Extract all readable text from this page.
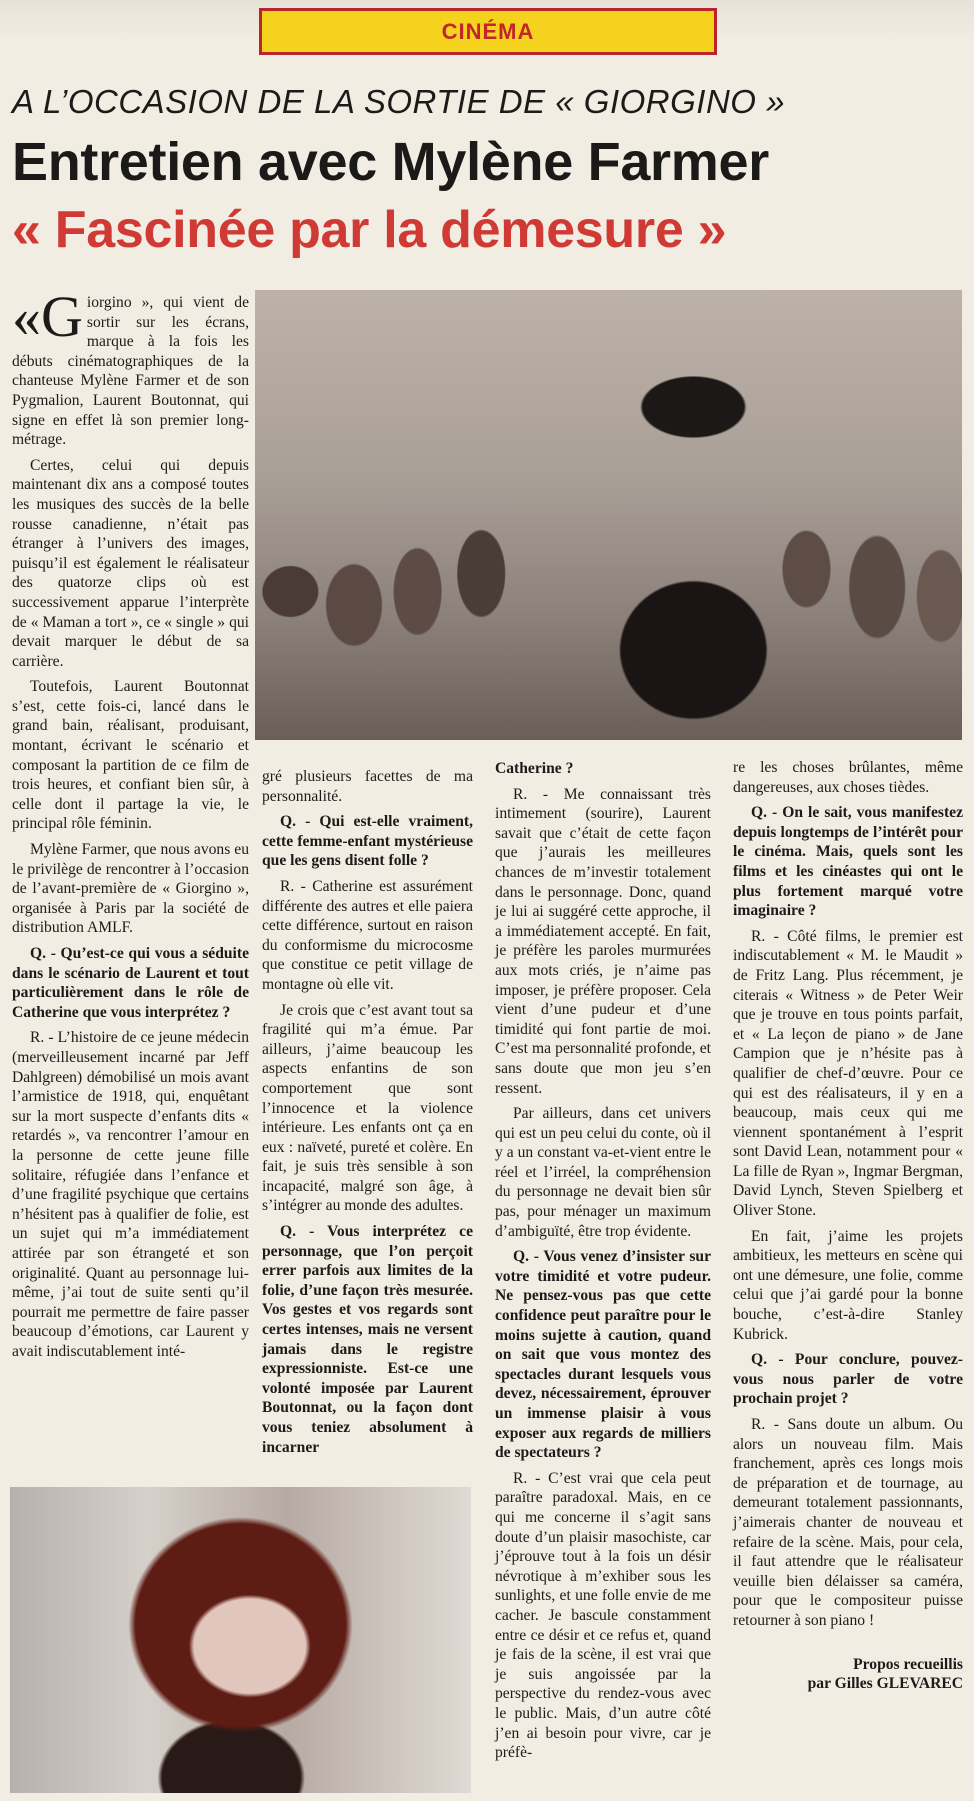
CINÉMA
A L’OCCASION DE LA SORTIE DE « GIORGINO »
Entretien avec Mylène Farmer
« Fascinée par la démesure »

«G iorgino », qui vient de sortir sur les écrans, marque à la fois les débuts cinématographiques de la chanteuse Mylène Farmer et de son Pygmalion, Laurent Boutonnat, qui signe en effet là son premier long-métrage.

Certes, celui qui depuis maintenant dix ans a composé toutes les musiques des succès de la belle rousse canadienne, n’était pas étranger à l’univers des images, puisqu’il est également le réalisateur des quatorze clips où est successivement apparue l’interprète de « Maman a tort », ce « single » qui devait marquer le début de sa carrière.

Toutefois, Laurent Boutonnat s’est, cette fois-ci, lancé dans le grand bain, réalisant, produisant, montant, écrivant le scénario et composant la partition de ce film de trois heures, et confiant bien sûr, à celle dont il partage la vie, le principal rôle féminin.

Mylène Farmer, que nous avons eu le privilège de rencontrer à l’occasion de l’avant-première de « Giorgino », organisée à Paris par la société de distribution AMLF.

Q. - Qu’est-ce qui vous a séduite dans le scénario de Laurent et tout particulièrement dans le rôle de Catherine que vous interprétez ?

R. - L’histoire de ce jeune médecin (merveilleusement incarné par Jeff Dahlgreen) démobilisé un mois avant l’armistice de 1918, qui, enquêtant sur la mort suspecte d’enfants dits « retardés », va rencontrer l’amour en la personne de cette jeune fille solitaire, réfugiée dans l’enfance et d’une fragilité psychique que certains n’hésitent pas à qualifier de folie, est un sujet qui m’a immédiatement attirée par son étrangeté et son originalité. Quant au personnage lui-même, j’ai tout de suite senti qu’il pourrait me permettre de faire passer beaucoup d’émotions, car Laurent y avait indiscutablement inté-

gré plusieurs facettes de ma personnalité.

Q. - Qui est-elle vraiment, cette femme-enfant mystérieuse que les gens disent folle ?

R. - Catherine est assurément différente des autres et elle paiera cette différence, surtout en raison du conformisme du microcosme que constitue ce petit village de montagne où elle vit.

Je crois que c’est avant tout sa fragilité qui m’a émue. Par ailleurs, j’aime beaucoup les aspects enfantins de son comportement que sont l’innocence et la violence intérieure. Les enfants ont ça en eux : naïveté, pureté et colère. En fait, je suis très sensible à son incapacité, malgré son âge, à s’intégrer au monde des adultes.

Q. - Vous interprétez ce personnage, que l’on perçoit errer parfois aux limites de la folie, d’une façon très mesurée. Vos gestes et vos regards sont certes intenses, mais ne versent jamais dans le registre expressionniste. Est-ce une volonté imposée par Laurent Boutonnat, ou la façon dont vous teniez absolument à incarner

Catherine ?

R. - Me connaissant très intimement (sourire), Laurent savait que c’était de cette façon que j’aurais les meilleures chances de m’investir totalement dans le personnage. Donc, quand je lui ai suggéré cette approche, il a immédiatement accepté. En fait, je préfère les paroles murmurées aux mots criés, je n’aime pas imposer, je préfère proposer. Cela vient d’une pudeur et d’une timidité qui font partie de moi. C’est ma personnalité profonde, et sans doute que mon jeu s’en ressent.

Par ailleurs, dans cet univers qui est un peu celui du conte, où il y a un constant va-et-vient entre le réel et l’irréel, la compréhension du personnage ne devait bien sûr pas, pour ménager un maximum d’ambiguïté, être trop évidente.

Q. - Vous venez d’insister sur votre timidité et votre pudeur. Ne pensez-vous pas que cette confidence peut paraître pour le moins sujette à caution, quand on sait que vous montez des spectacles durant lesquels vous devez, nécessairement, éprouver un immense plaisir à vous exposer aux regards de milliers de spectateurs ?

R. - C’est vrai que cela peut paraître paradoxal. Mais, en ce qui me concerne il s’agit sans doute d’un plaisir masochiste, car j’éprouve tout à la fois un désir névrotique à m’exhiber sous les sunlights, et une folle envie de me cacher. Je bascule constamment entre ce désir et ce refus et, quand je fais de la scène, il est vrai que je suis angoissée par la perspective du rendez-vous avec le public. Mais, d’un autre côté j’en ai besoin pour vivre, car je préfè-

re les choses brûlantes, même dangereuses, aux choses tièdes.

Q. - On le sait, vous manifestez depuis longtemps de l’intérêt pour le cinéma. Mais, quels sont les films et les cinéastes qui ont le plus fortement marqué votre imaginaire ?

R. - Côté films, le premier est indiscutablement « M. le Maudit » de Fritz Lang. Plus récemment, je citerais « Witness » de Peter Weir que je trouve en tous points parfait, et « La leçon de piano » de Jane Campion que je n’hésite pas à qualifier de chef-d’œuvre. Pour ce qui est des réalisateurs, il y en a beaucoup, mais ceux qui me viennent spontanément à l’esprit sont David Lean, notamment pour « La fille de Ryan », Ingmar Bergman, David Lynch, Steven Spielberg et Oliver Stone.

En fait, j’aime les projets ambitieux, les metteurs en scène qui ont une démesure, une folie, comme celui que j’ai gardé pour la bonne bouche, c’est-à-dire Stanley Kubrick.

Q. - Pour conclure, pouvez-vous nous parler de votre prochain projet ?

R. - Sans doute un album. Ou alors un nouveau film. Mais franchement, après ces longs mois de préparation et de tournage, au demeurant totalement passionnants, j’aimerais chanter de nouveau et refaire de la scène. Mais, pour cela, il faut attendre que le réalisateur veuille bien délaisser sa caméra, pour que le compositeur puisse retourner à son piano !

Propos recueillis
par Gilles GLEVAREC
